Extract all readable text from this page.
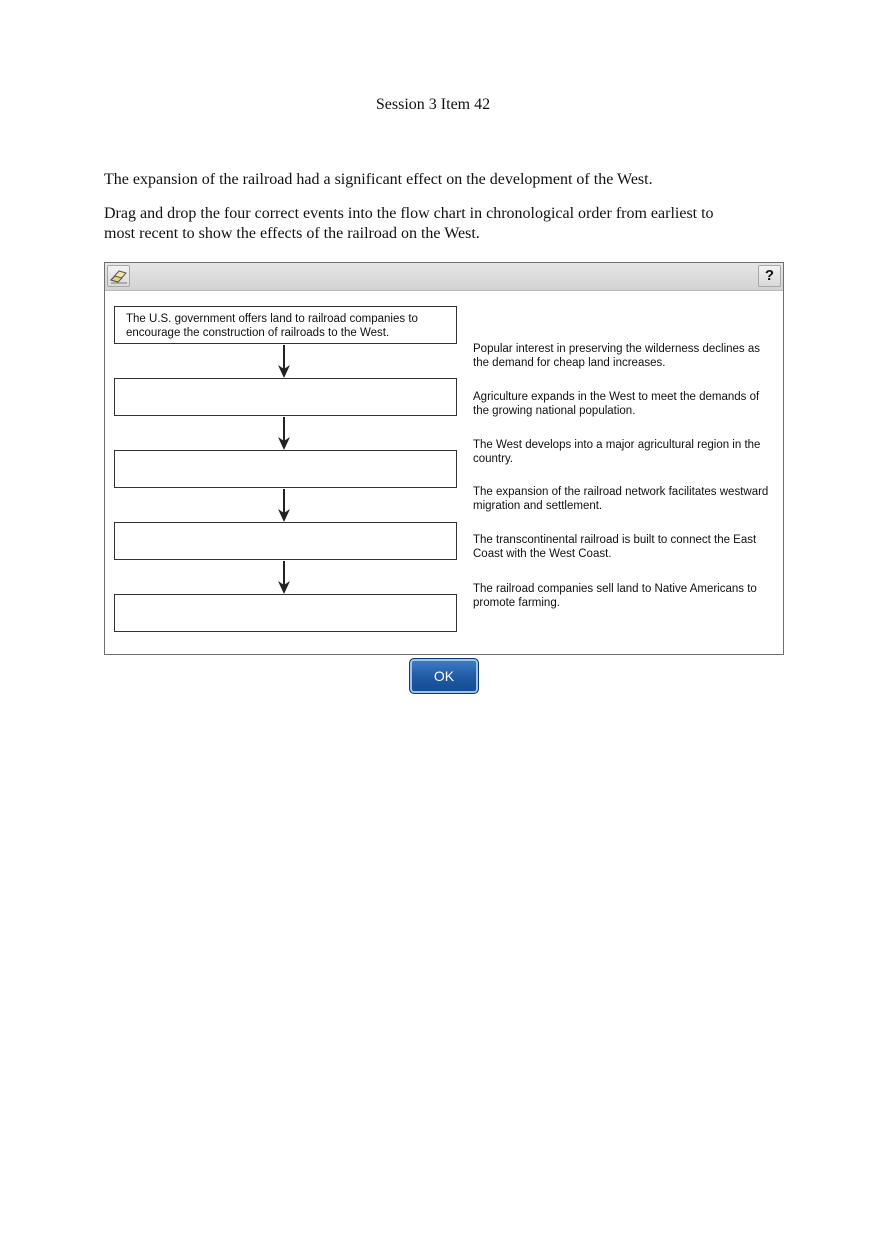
Session 3 Item 42

The expansion of the railroad had a significant effect on the development of the West.

Drag and drop the four correct events into the flow chart in chronological order from earliest to most recent to show the effects of the railroad on the West.

?
The U.S. government offers land to railroad companies to encourage the construction of railroads to the West.
Popular interest in preserving the wilderness declines as the demand for cheap land increases.
Agriculture expands in the West to meet the demands of the growing national population.
The West develops into a major agricultural region in the country.
The expansion of the railroad network facilitates westward migration and settlement.
The transcontinental railroad is built to connect the East Coast with the West Coast.
The railroad companies sell land to Native Americans to promote farming.
OK
